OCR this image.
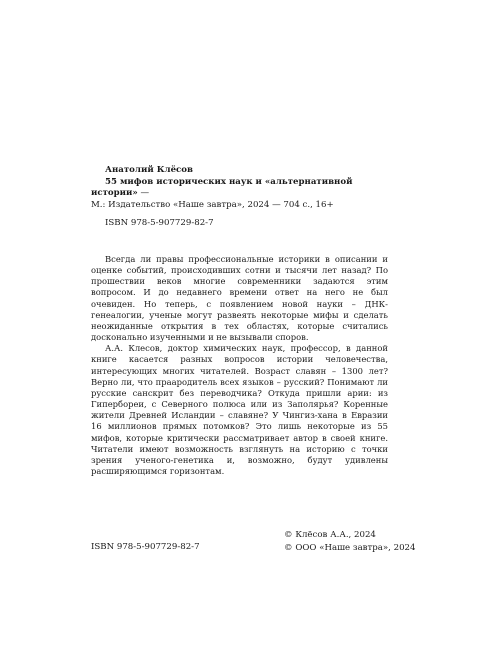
Анатолий Клёсов
55 мифов исторических наук и «альтернативной истории» —
М.: Издательство «Наше завтра», 2024 — 704 с., 16+
ISBN 978-5-907729-82-7

Всегда ли правы профессиональные историки в описании и оценке событий, происходивших сотни и тысячи лет назад? По прошествии веков многие современники задаются этим вопросом. И до недавнего времени ответ на него не был очевиден. Но теперь, с появлением новой науки – ДНК-генеалогии, ученые могут развеять некоторые мифы и сделать неожиданные открытия в тех областях, которые считались досконально изученными и не вызывали споров.

А.А. Клесов, доктор химических наук, профессор, в данной книге касается разных вопросов истории человечества, интересующих многих читателей. Возраст славян – 1300 лет? Верно ли, что праародитель всех языков – русский? Понимают ли русские санскрит без переводчика? Откуда пришли арии: из Гипербореи, с Северного полюса или из Заполярья? Коренные жители Древней Исландии – славяне? У Чингиз-хана в Евразии 16 миллионов прямых потомков? Это лишь некоторые из 55 мифов, которые критически рассматривает автор в своей книге. Читатели имеют возможность взглянуть на историю с точки зрения ученого-генетика и, возможно, будут удивлены расширяющимся горизонтам.

ISBN 978-5-907729-82-7
© Клёсов А.А., 2024
© ООО «Наше завтра», 2024
